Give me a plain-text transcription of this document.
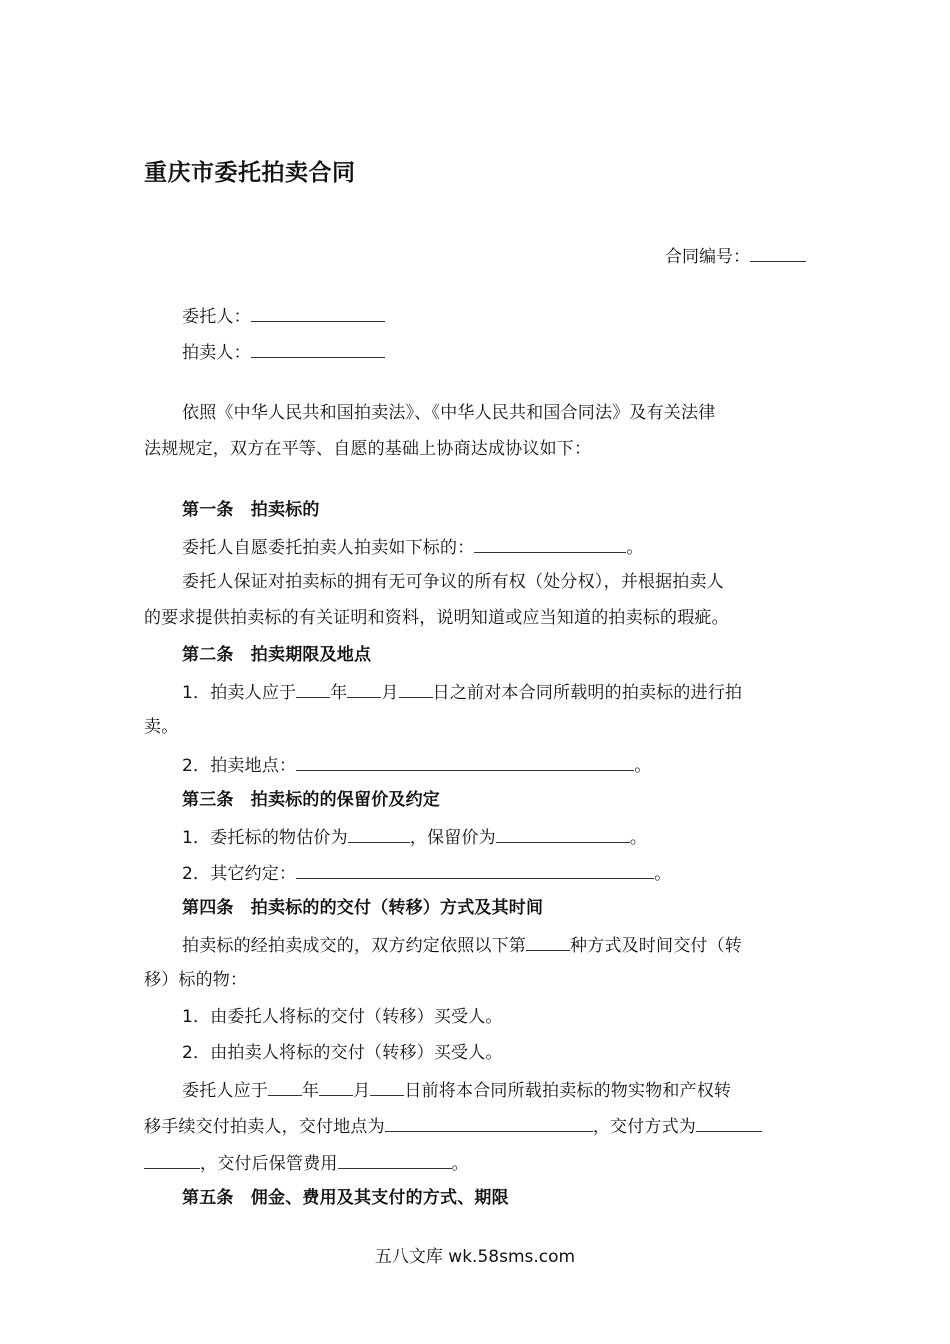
重庆市委托拍卖合同
合同编号：
委托人：
拍卖人：
依照《中华人民共和国拍卖法》、《中华人民共和国合同法》及有关法律
法规规定，双方在平等、自愿的基础上协商达成协议如下：
第一条　拍卖标的
委托人自愿委托拍卖人拍卖如下标的：	。
委托人保证对拍卖标的拥有无可争议的所有权（处分权），并根据拍卖人
的要求提供拍卖标的有关证明和资料，说明知道或应当知道的拍卖标的瑕疵。
第二条　拍卖期限及地点
1．拍卖人应于 年 月 日之前对本合同所载明的拍卖标的进行拍
卖。
2．拍卖地点：	。
第三条　拍卖标的的保留价及约定
1．委托标的物估价为	，保留价为	。
2．其它约定：	。
第四条　拍卖标的的交付（转移）方式及其时间
拍卖标的经拍卖成交的，双方约定依照以下第	种方式及时间交付（转
移）标的物：
1．由委托人将标的交付（转移）买受人。
2．由拍卖人将标的交付（转移）买受人。
委托人应于 年 月 日前将本合同所载拍卖标的物实物和产权转
移手续交付拍卖人，交付地点为	，交付方式为
，交付后保管费用	。
第五条　佣金、费用及其支付的方式、期限
五八文库 wk.58sms.com
